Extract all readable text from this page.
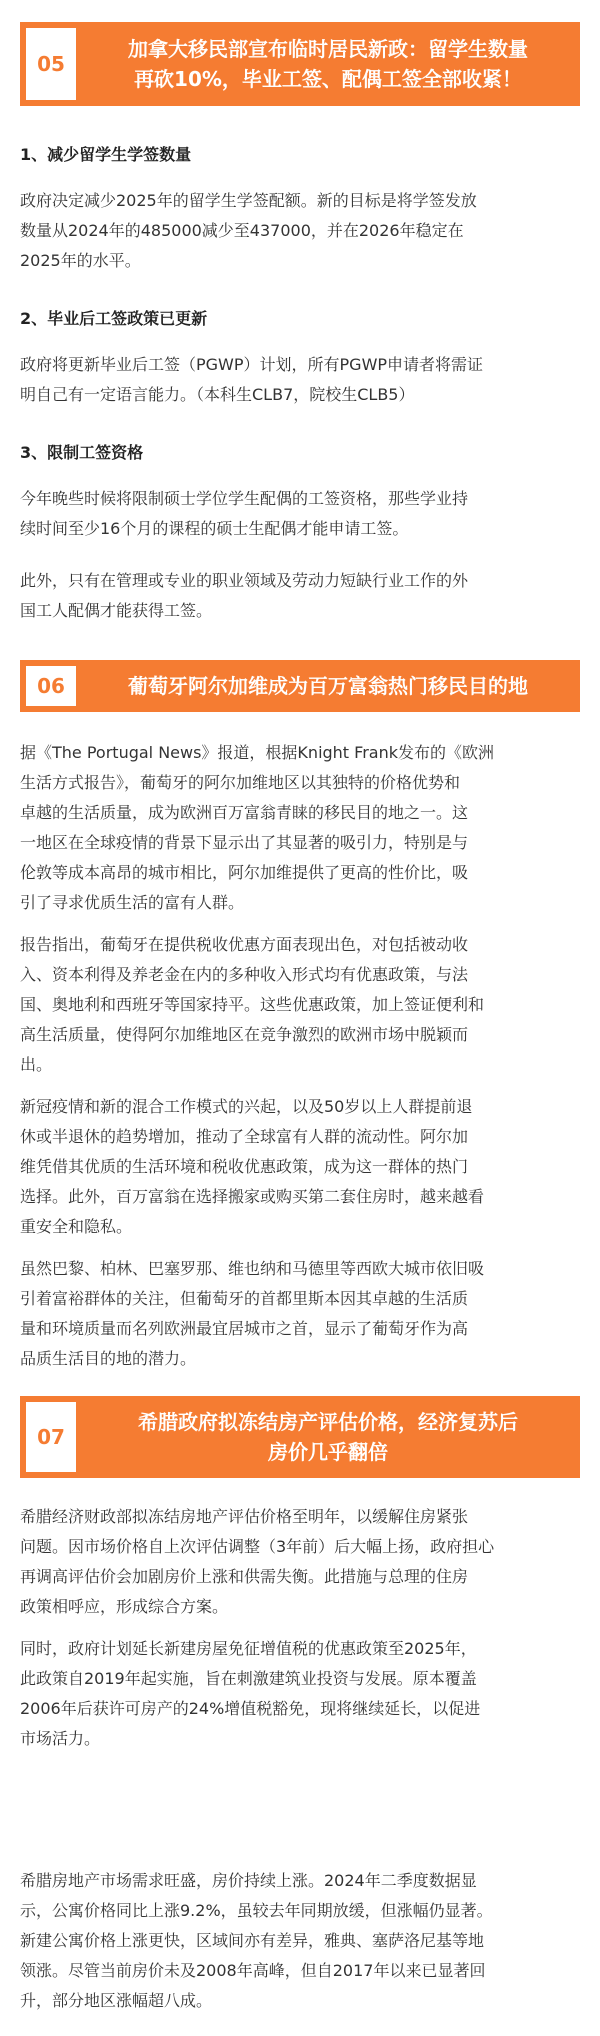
05
加拿大移民部宣布临时居民新政：留学生数量
再砍10%，毕业工签、配偶工签全部收紧！
1、减少留学生学签数量
政府决定减少2025年的留学生学签配额。新的目标是将学签发放
数量从2024年的485000减少至437000，并在2026年稳定在
2025年的水平。
2、毕业后工签政策已更新
政府将更新毕业后工签（PGWP）计划，所有PGWP申请者将需证
明自己有一定语言能力。（本科生CLB7，院校生CLB5）
3、限制工签资格
今年晚些时候将限制硕士学位学生配偶的工签资格，那些学业持
续时间至少16个月的课程的硕士生配偶才能申请工签。
此外，只有在管理或专业的职业领域及劳动力短缺行业工作的外
国工人配偶才能获得工签。
06	葡萄牙阿尔加维成为百万富翁热门移民目的地
据《The Portugal News》报道，根据Knight Frank发布的《欧洲
生活方式报告》，葡萄牙的阿尔加维地区以其独特的价格优势和
卓越的生活质量，成为欧洲百万富翁青睐的移民目的地之一。这
一地区在全球疫情的背景下显示出了其显著的吸引力，特别是与
伦敦等成本高昂的城市相比，阿尔加维提供了更高的性价比，吸
引了寻求优质生活的富有人群。
报告指出，葡萄牙在提供税收优惠方面表现出色，对包括被动收
入、资本利得及养老金在内的多种收入形式均有优惠政策，与法
国、奥地利和西班牙等国家持平。这些优惠政策，加上签证便利和
高生活质量，使得阿尔加维地区在竞争激烈的欧洲市场中脱颖而
出。
新冠疫情和新的混合工作模式的兴起，以及50岁以上人群提前退
休或半退休的趋势增加，推动了全球富有人群的流动性。阿尔加
维凭借其优质的生活环境和税收优惠政策，成为这一群体的热门
选择。此外，百万富翁在选择搬家或购买第二套住房时，越来越看
重安全和隐私。
虽然巴黎、柏林、巴塞罗那、维也纳和马德里等西欧大城市依旧吸
引着富裕群体的关注，但葡萄牙的首都里斯本因其卓越的生活质
量和环境质量而名列欧洲最宜居城市之首，显示了葡萄牙作为高
品质生活目的地的潜力。
07
希腊政府拟冻结房产评估价格，经济复苏后
房价几乎翻倍
希腊经济财政部拟冻结房地产评估价格至明年，以缓解住房紧张
问题。因市场价格自上次评估调整（3年前）后大幅上扬，政府担心
再调高评估价会加剧房价上涨和供需失衡。此措施与总理的住房
政策相呼应，形成综合方案。
同时，政府计划延长新建房屋免征增值税的优惠政策至2025年，
此政策自2019年起实施，旨在刺激建筑业投资与发展。原本覆盖
2006年后获许可房产的24%增值税豁免，现将继续延长，以促进
市场活力。
希腊房地产市场需求旺盛，房价持续上涨。2024年二季度数据显
示，公寓价格同比上涨9.2%，虽较去年同期放缓，但涨幅仍显著。
新建公寓价格上涨更快，区域间亦有差异，雅典、塞萨洛尼基等地
领涨。尽管当前房价未及2008年高峰，但自2017年以来已显著回
升，部分地区涨幅超八成。
